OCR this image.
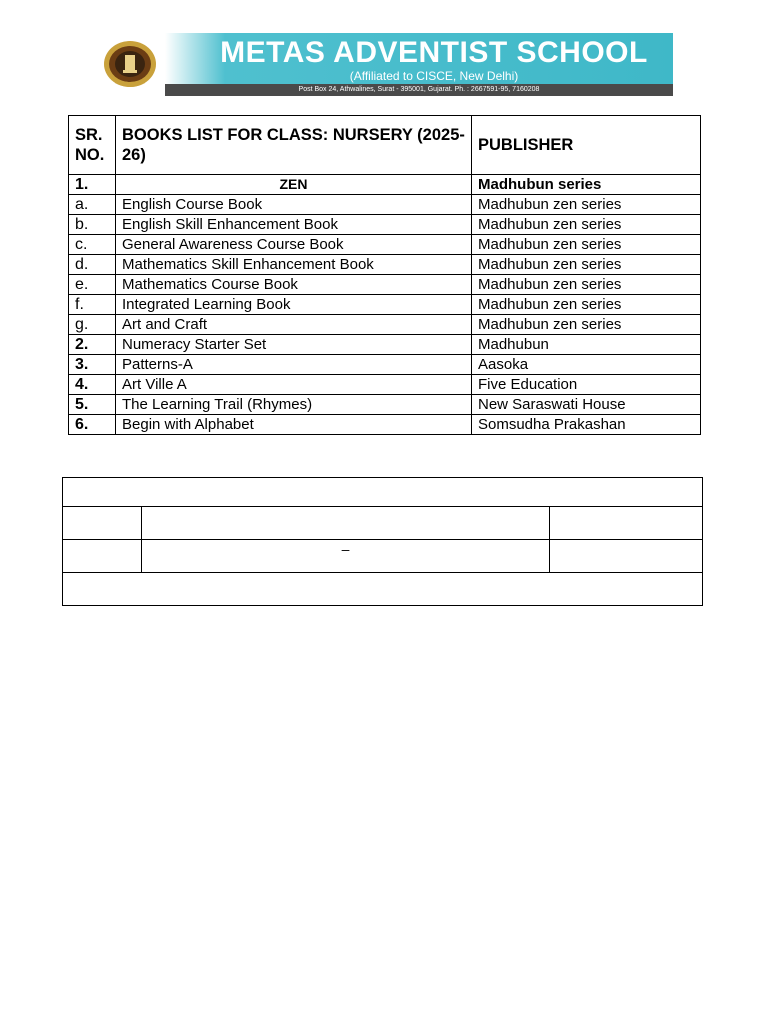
METAS ADVENTIST SCHOOL
(Affiliated to CISCE, New Delhi)
Post Box 24, Athwalines, Surat - 395001, Gujarat. Ph. : 2667591-95, 7160208
SR. NO.	BOOKS LIST FOR CLASS: NURSERY (2025-26)	PUBLISHER
1.	ZEN	Madhubun series
a.	English Course Book	Madhubun zen series
b.	English Skill Enhancement Book	Madhubun zen series
c.	General Awareness Course Book	Madhubun zen series
d.	Mathematics Skill Enhancement Book	Madhubun zen series
e.	Mathematics Course Book	Madhubun zen series
f.	Integrated Learning Book	Madhubun zen series
g.	Art and Craft	Madhubun zen series
2.	Numeracy Starter Set	Madhubun
3.	Patterns-A	Aasoka
4.	Art Ville A	Five Education
5.	The Learning Trail (Rhymes)	New Saraswati House
6.	Begin with Alphabet	Somsudha Prakashan

	–	
